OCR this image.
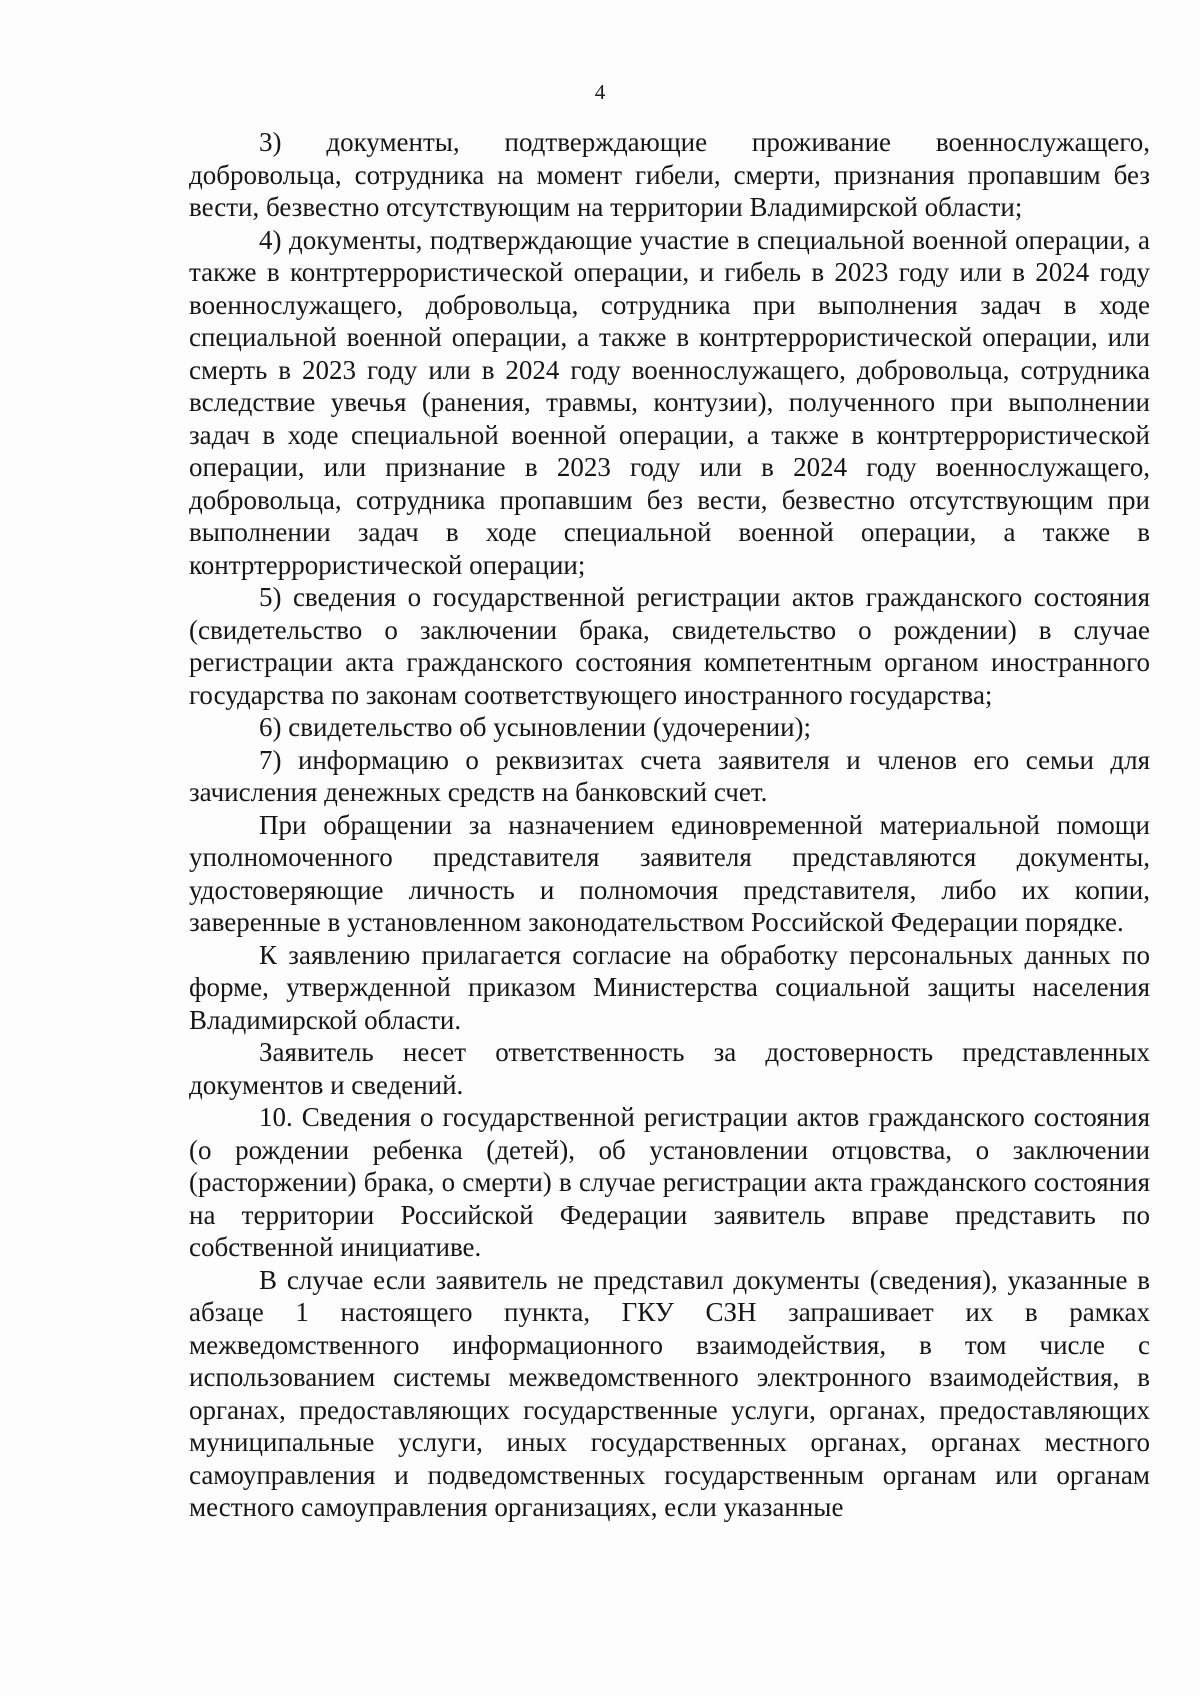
4

3) документы, подтверждающие проживание военнослужащего, добровольца, сотрудника на момент гибели, смерти, признания пропавшим без вести, безвестно отсутствующим на территории Владимирской области;

4) документы, подтверждающие участие в специальной военной операции, а также в контртеррористической операции, и гибель в 2023 году или в 2024 году военнослужащего, добровольца, сотрудника при выполнения задач в ходе специальной военной операции, а также в контртеррористической операции, или смерть в 2023 году или в 2024 году военнослужащего, добровольца, сотрудника вследствие увечья (ранения, травмы, контузии), полученного при выполнении задач в ходе специальной военной операции, а также в контртеррористической операции, или признание в 2023 году или в 2024 году военнослужащего, добровольца, сотрудника пропавшим без вести, безвестно отсутствующим при выполнении задач в ходе специальной военной операции, а также в контртеррористической операции;

5) сведения о государственной регистрации актов гражданского состояния (свидетельство о заключении брака, свидетельство о рождении) в случае регистрации акта гражданского состояния компетентным органом иностранного государства по законам соответствующего иностранного государства;

6) свидетельство об усыновлении (удочерении);

7) информацию о реквизитах счета заявителя и членов его семьи для зачисления денежных средств на банковский счет.

При обращении за назначением единовременной материальной помощи уполномоченного представителя заявителя представляются документы, удостоверяющие личность и полномочия представителя, либо их копии, заверенные в установленном законодательством Российской Федерации порядке.

К заявлению прилагается согласие на обработку персональных данных по форме, утвержденной приказом Министерства социальной защиты населения Владимирской области.

Заявитель несет ответственность за достоверность представленных документов и сведений.

10. Сведения о государственной регистрации актов гражданского состояния (о рождении ребенка (детей), об установлении отцовства, о заключении (расторжении) брака, о смерти) в случае регистрации акта гражданского состояния на территории Российской Федерации заявитель вправе представить по собственной инициативе.

В случае если заявитель не представил документы (сведения), указанные в абзаце 1 настоящего пункта, ГКУ СЗН запрашивает их в рамках межведомственного информационного взаимодействия, в том числе с использованием системы межведомственного электронного взаимодействия, в органах, предоставляющих государственные услуги, органах, предоставляющих муниципальные услуги, иных государственных органах, органах местного самоуправления и подведомственных государственным органам или органам местного самоуправления организациях, если указанные
